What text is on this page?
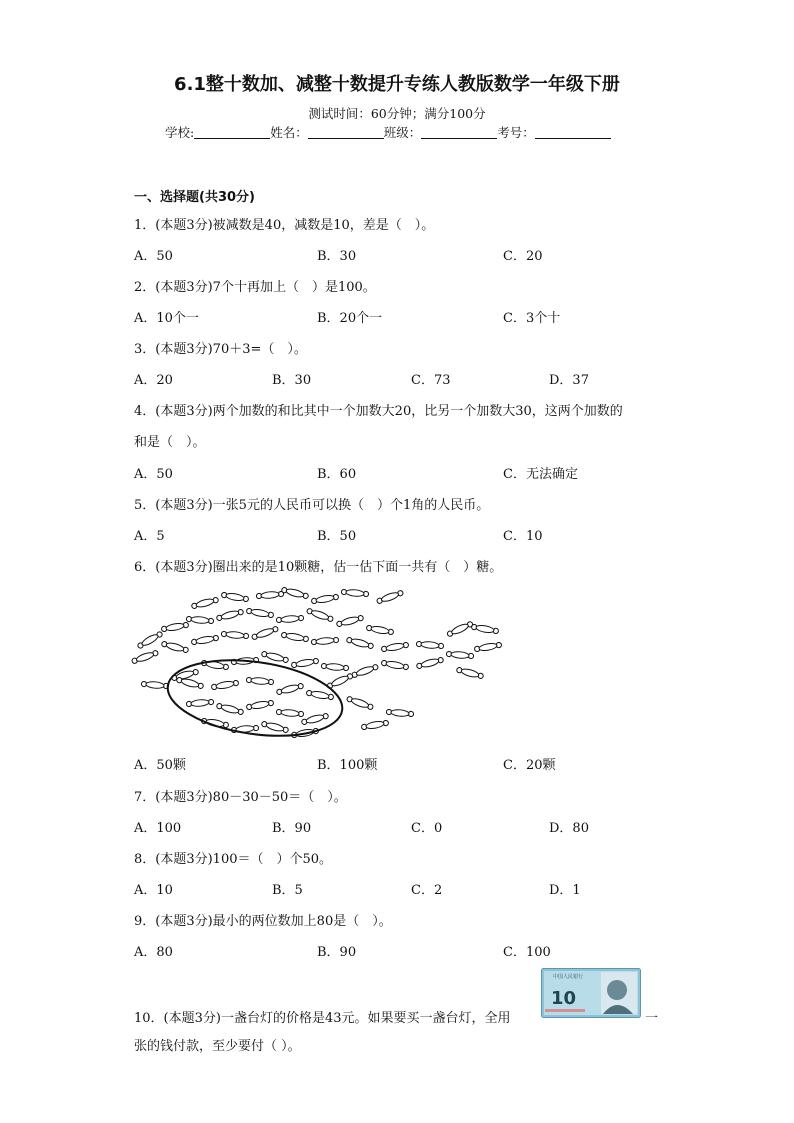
6.1整十数加、减整十数提升专练人教版数学一年级下册
测试时间：60分钟；满分100分
学校:	姓名：	班级：	考号：
一、选择题(共30分)
1．(本题3分)被减数是40，减数是10，差是（　）。
A．50	B．30	C．20
2．(本题3分)7个十再加上（　）是100。
A．10个一	B．20个一	C．3个十
3．(本题3分)70＋3=（　）。
A．20	B．30	C．73	D．37
4．(本题3分)两个加数的和比其中一个加数大20，比另一个加数大30，这两个加数的
和是（　）。
A．50	B．60	C．无法确定
5．(本题3分)一张5元的人民币可以换（　）个1角的人民币。
A．5	B．50	C．10
6．(本题3分)圈出来的是10颗糖，估一估下面一共有（　）糖。
A．50颗	B．100颗	C．20颗
7．(本题3分)80－30－50＝（　）。
A．100	B．90	C．0	D．80
8．(本题3分)100＝（　）个50。
A．10	B．5	C．2	D．1
9．(本题3分)最小的两位数加上80是（　）。
A．80	B．90	C．100
10．(本题3分)一盏台灯的价格是43元。如果要买一盏台灯，全用	一
中国人民银行
10
张的钱付款，至少要付（ ）。
